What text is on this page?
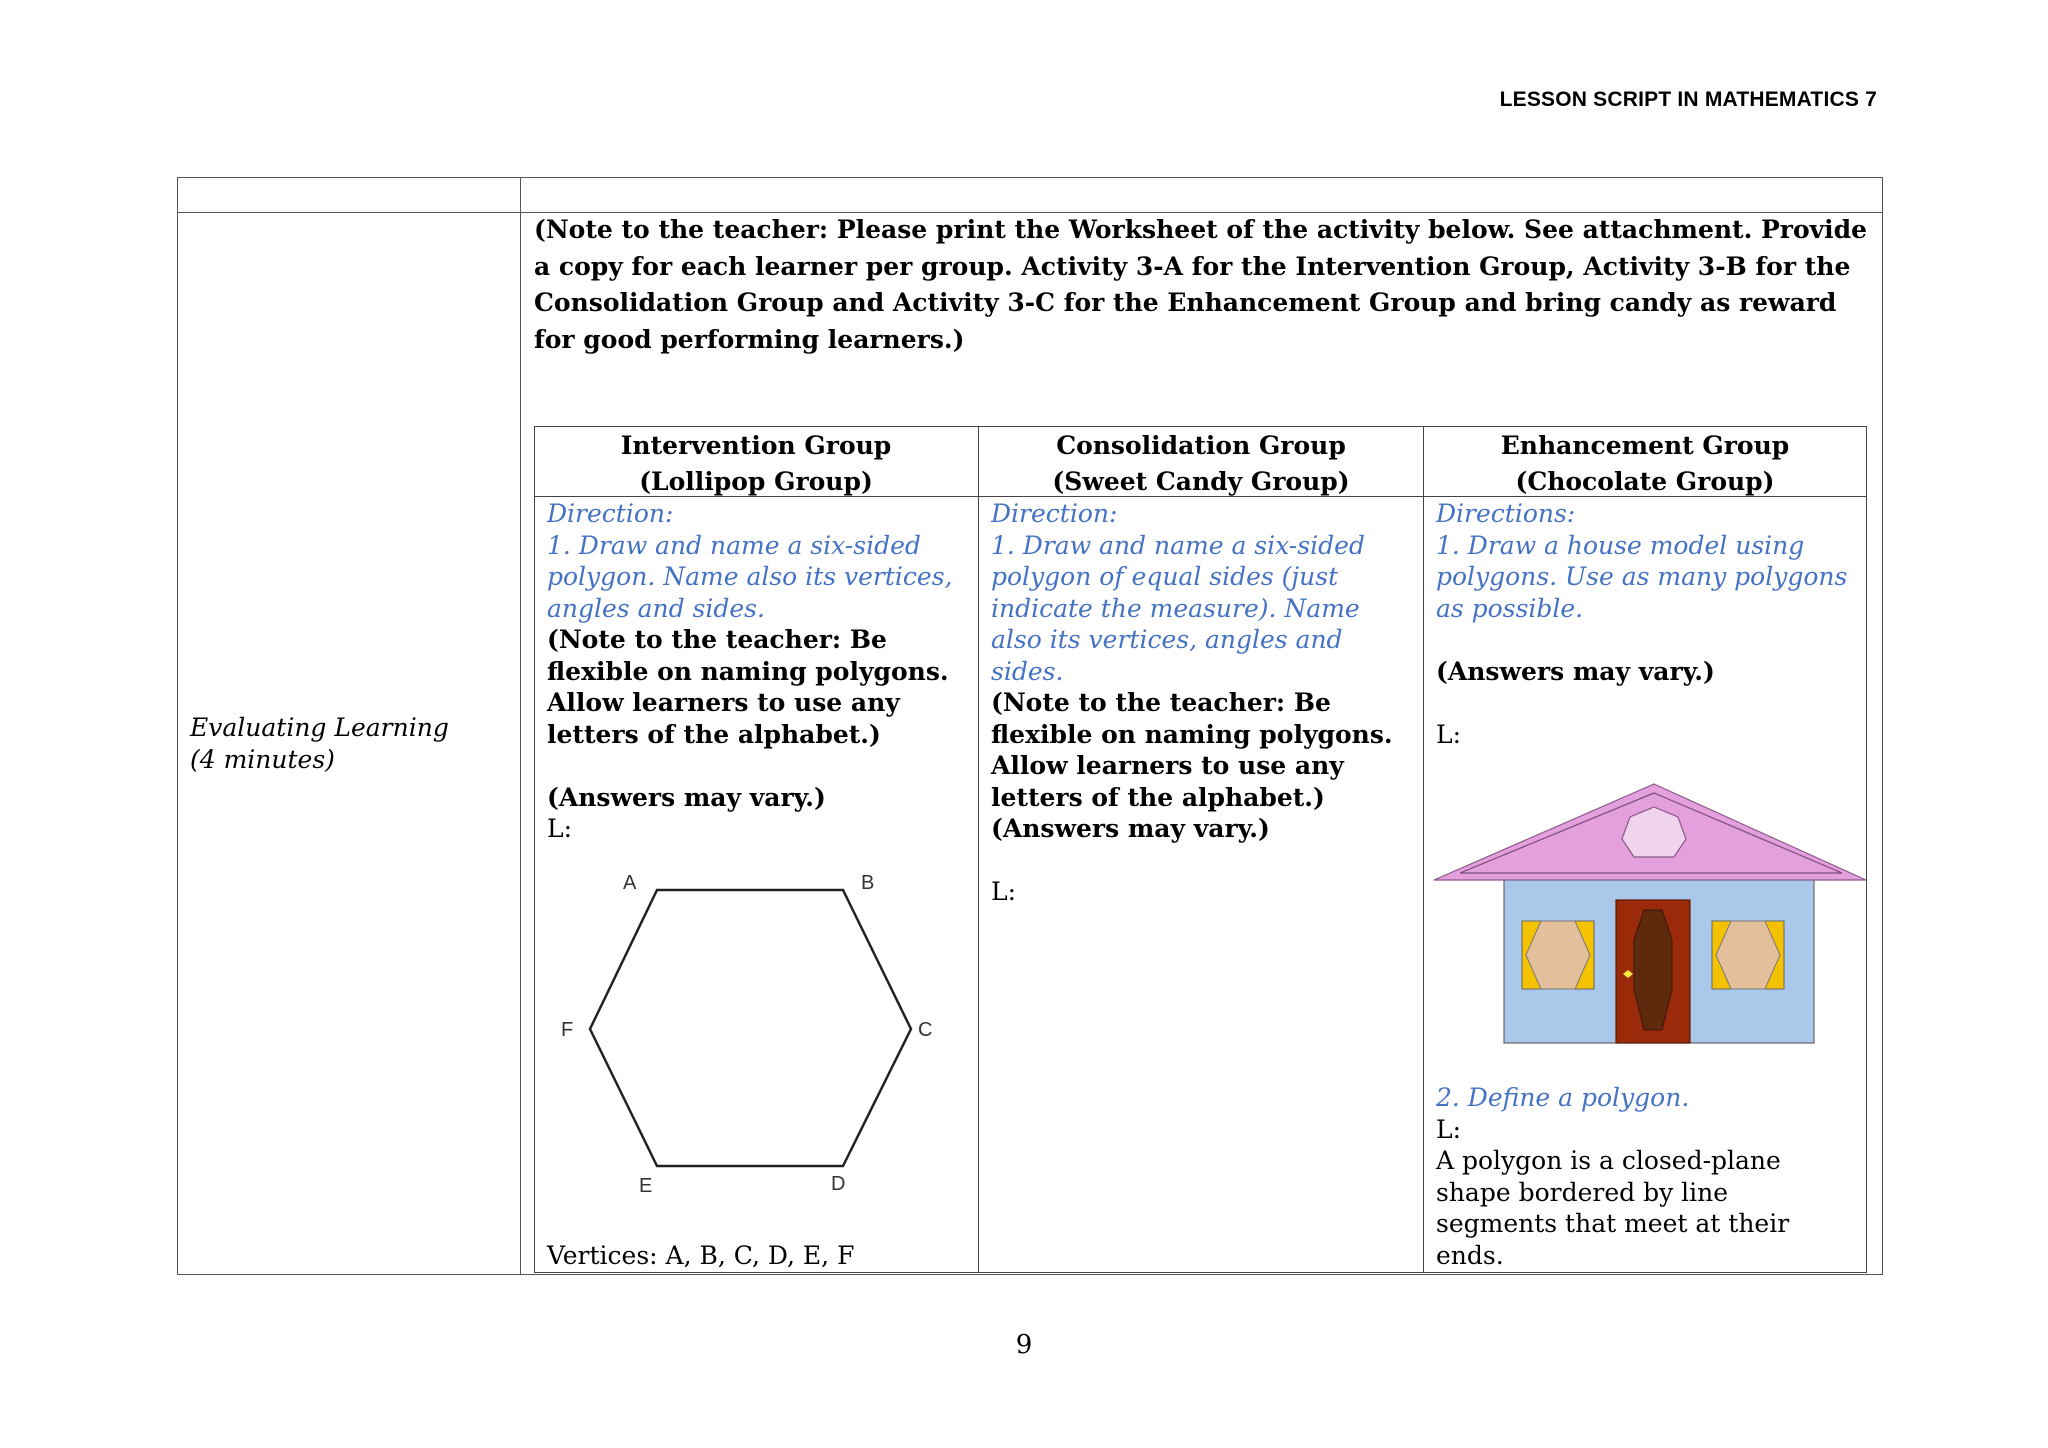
LESSON SCRIPT IN MATHEMATICS 7
Evaluating Learning
(4 minutes)
(Note to the teacher: Please print the Worksheet of the activity below. See attachment. Provide a copy for each learner per group. Activity 3-A for the Intervention Group, Activity 3-B for the Consolidation Group and Activity 3-C for the Enhancement Group and bring candy as reward for good performing learners.)
Intervention Group
(Lollipop Group)
Consolidation Group
(Sweet Candy Group)
Enhancement Group
(Chocolate Group)
Direction:
1. Draw and name a six-sided polygon. Name also its vertices, angles and sides.
(Note to the teacher: Be flexible on naming polygons. Allow learners to use any letters of the alphabet.)
(Answers may vary.)
L:
A	B
C
D
E
F
Vertices: A, B, C, D, E, F
Direction:
1. Draw and name a six-sided polygon of equal sides (just indicate the measure). Name also its vertices, angles and sides.
(Note to the teacher: Be flexible on naming polygons. Allow learners to use any letters of the alphabet.)
(Answers may vary.)
L:
Directions:
1. Draw a house model using polygons. Use as many polygons as possible.
(Answers may vary.)
L:
2. Define a polygon.
L:
A polygon is a closed-plane shape bordered by line segments that meet at their ends.
9
